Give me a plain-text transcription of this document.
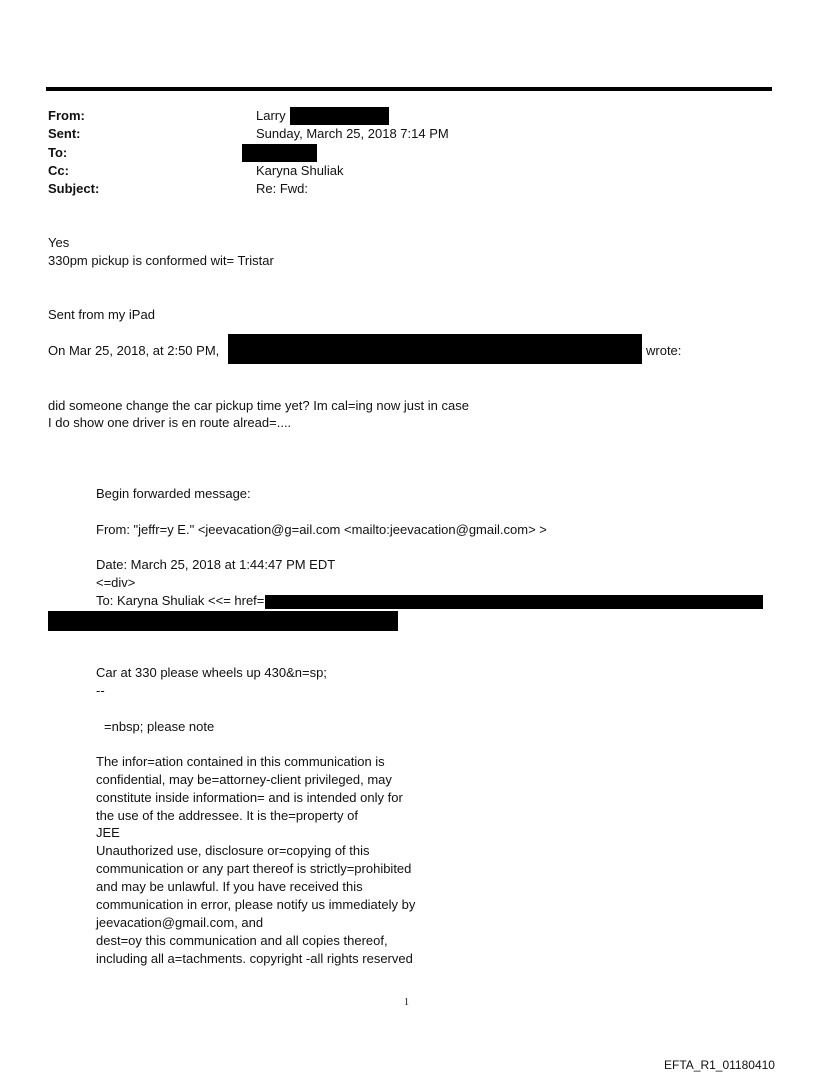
From:	Larry
Sent:	Sunday, March 25, 2018 7:14 PM
To:
Cc:	Karyna Shuliak
Subject:	Re: Fwd:
Yes
330pm pickup is conformed wit= Tristar
Sent from my iPad
On Mar 25, 2018, at 2:50 PM,	wrote:
did someone change the car pickup time yet? Im cal=ing now just in case
I do show one driver is en route alread=....
Begin forwarded message:
From: "jeffr=y E." <jeevacation@g=ail.com <mailto:jeevacation@gmail.com> >
Date: March 25, 2018 at 1:44:47 PM EDT
<=div>
To: Karyna Shuliak <<= href=
Car at 330 please wheels up 430&n=sp;
--
=nbsp; please note
The infor=ation contained in this communication is
confidential, may be=attorney-client privileged, may
constitute inside information= and is intended only for
the use of the addressee. It is the=property of
JEE
Unauthorized use, disclosure or=copying of this
communication or any part thereof is strictly=prohibited
and may be unlawful. If you have received this
communication in error, please notify us immediately by
jeevacation@gmail.com, and
dest=oy this communication and all copies thereof,
including all a=tachments. copyright -all rights reserved
1
EFTA_R1_01180410
